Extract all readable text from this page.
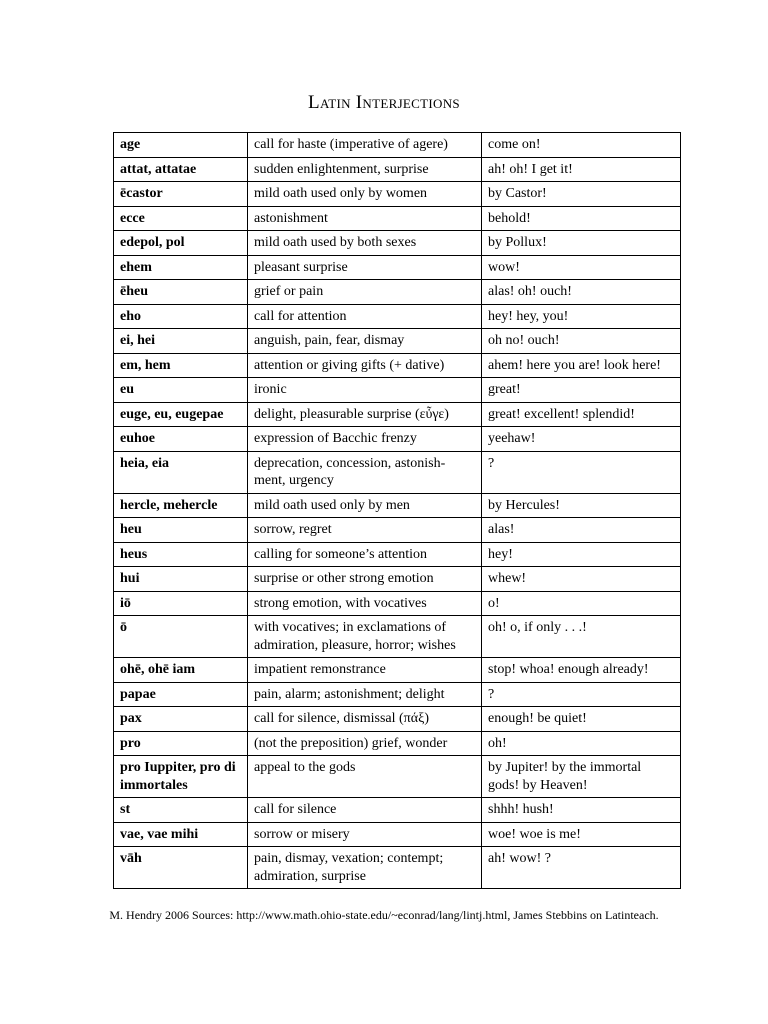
Latin Interjections
age	call for haste (imperative of agere)	come on!
attat, attatae	sudden enlightenment, surprise	ah! oh! I get it!
ēcastor	mild oath used only by women	by Castor!
ecce	astonishment	behold!
edepol, pol	mild oath used by both sexes	by Pollux!
ehem	pleasant surprise	wow!
ēheu	grief or pain	alas! oh! ouch!
eho	call for attention	hey! hey, you!
ei, hei	anguish, pain, fear, dismay	oh no! ouch!
em, hem	attention or giving gifts (+ dative)	ahem! here you are! look here!
eu	ironic	great!
euge, eu, eugepae	delight, pleasurable surprise (εὖγε)	great! excellent! splendid!
euhoe	expression of Bacchic frenzy	yeehaw!
heia, eia	deprecation, concession, astonish-ment, urgency	?
hercle, mehercle	mild oath used only by men	by Hercules!
heu	sorrow, regret	alas!
heus	calling for someone’s attention	hey!
hui	surprise or other strong emotion	whew!
iō	strong emotion, with vocatives	o!
ō	with vocatives; in exclamations of admiration, pleasure, horror; wishes	oh! o, if only . . .!
ohē, ohē iam	impatient remonstrance	stop! whoa! enough already!
papae	pain, alarm; astonishment; delight	?
pax	call for silence, dismissal (πάξ)	enough! be quiet!
pro	(not the preposition) grief, wonder	oh!
pro Iuppiter, pro di immortales	appeal to the gods	by Jupiter! by the immortal gods! by Heaven!
st	call for silence	shhh! hush!
vae, vae mihi	sorrow or misery	woe! woe is me!
vāh	pain, dismay, vexation; contempt; admiration, surprise	ah! wow! ?
M. Hendry 2006 Sources: http://www.math.ohio-state.edu/~econrad/lang/lintj.html, James Stebbins on Latinteach.
